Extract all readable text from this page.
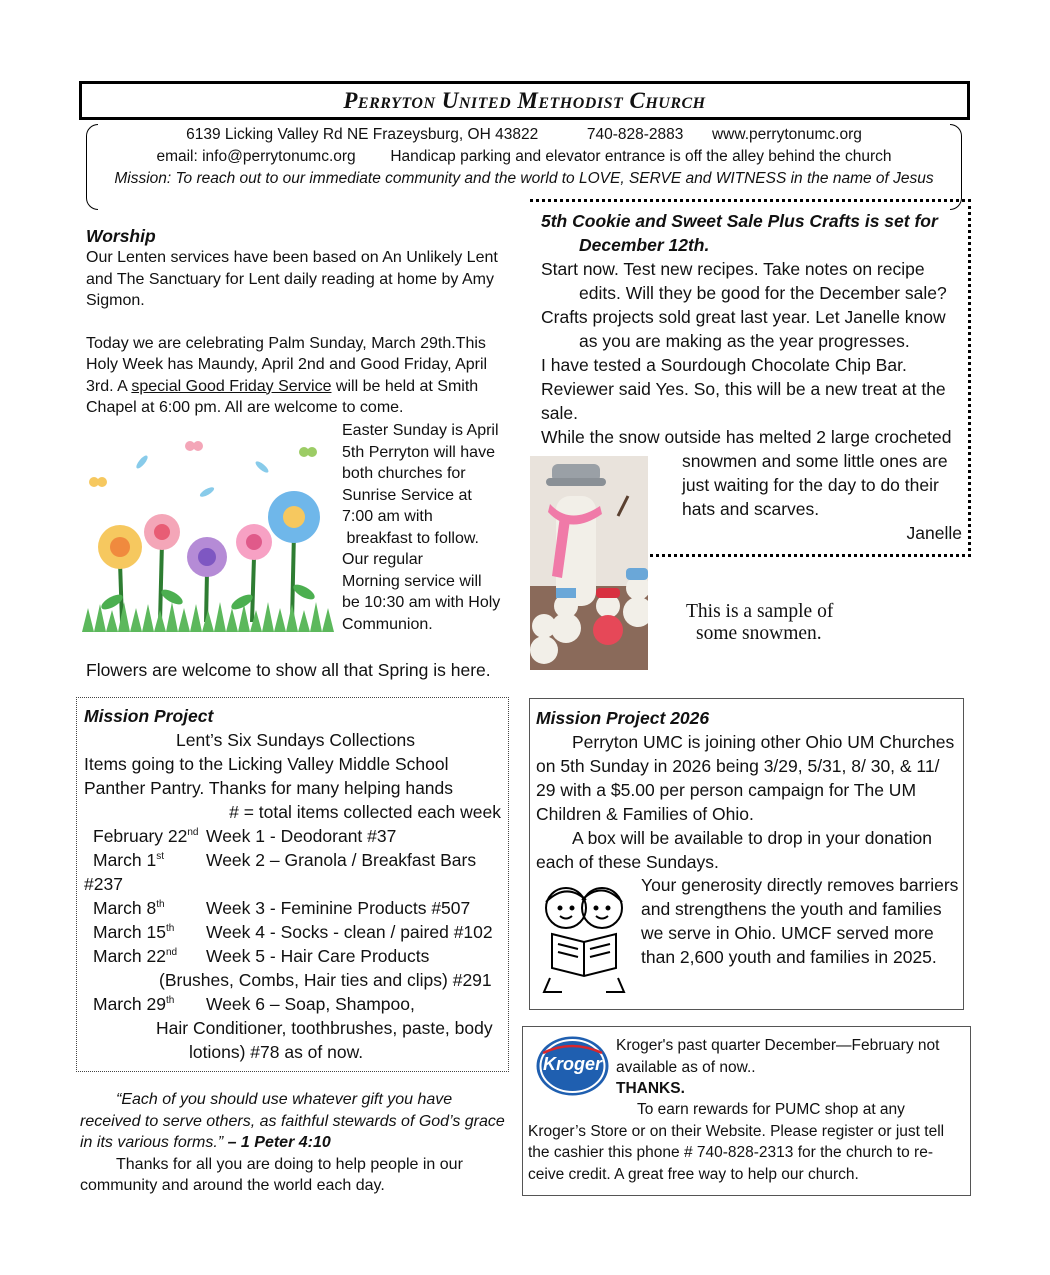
Perryton United Methodist Church
6139 Licking Valley Rd NE Frazeysburg, OH 43822	740-828-2883 www.perrytonumc.org
email: info@perrytonumc.org Handicap parking and elevator entrance is off the alley behind the church
Mission: To reach out to our immediate community and the world to LOVE, SERVE and WITNESS in the name of Jesus
Worship
Our Lenten services have been based on An Unlikely Lent and The Sanctuary for Lent daily reading at home by Amy Sigmon.
Today we are celebrating Palm Sunday, March 29th.This Holy Week has Maundy, April 2nd and Good Friday, April 3rd. A special Good Friday Service will be held at Smith Chapel at 6:00 pm. All are welcome to come.
Easter Sunday is April
5th Perryton will have
both churches for
Sunrise Service at
7:00 am with
breakfast to follow.
Our regular
Morning service will
be 10:30 am with Holy
Communion.
Flowers are welcome to show all that Spring is here.
5th Cookie and Sweet Sale Plus Crafts is set for
December 12th.
Start now. Test new recipes. Take notes on recipe
edits. Will they be good for the December sale?
Crafts projects sold great last year. Let Janelle know
as you are making as the year progresses.
I have tested a Sourdough Chocolate Chip Bar.
Reviewer said Yes. So, this will be a new treat at the
sale.
While the snow outside has melted 2 large crocheted
snowmen and some little ones are
just waiting for the day to do their
hats and scarves.
Janelle
This is a sample of
some snowmen.
Mission Project
Lent’s Six Sundays Collections
Items going to the Licking Valley Middle School
Panther Pantry. Thanks for many helping hands
# = total items collected each week
February 22nd Week 1 - Deodorant #37
March 1st	Week 2 – Granola / Breakfast Bars
#237
March 8th	Week 3 - Feminine Products #507
March 15th	Week 4 - Socks - clean / paired #102
March 22nd	Week 5 - Hair Care Products
(Brushes, Combs, Hair ties and clips) #291
March 29th	Week 6 – Soap, Shampoo,
Hair Conditioner, toothbrushes, paste, body
lotions) #78 as of now.
Mission Project 2026
Perryton UMC is joining other Ohio UM Churches on 5th Sunday in 2026 being 3/29, 5/31, 8/ 30, & 11/ 29 with a $5.00 per person campaign for The UM Children & Families of Ohio.
A box will be available to drop in your donation each of these Sundays.
Your generosity directly removes barriers
and strengthens the youth and families
we serve in Ohio. UMCF served more
than 2,600 youth and families in 2025.
“Each of you should use whatever gift you have received to serve others, as faithful stewards of God’s grace in its various forms.” – 1 Peter 4:10
Thanks for all you are doing to help people in our community and around the world each day.
Kroger
Kroger's past quarter December—February not
available as of now..
THANKS.
To earn rewards for PUMC shop at any Kroger’s Store or on their Website. Please register or just tell the cashier this phone # 740-828-2313 for the church to re-ceive credit. A great free way to help our church.
